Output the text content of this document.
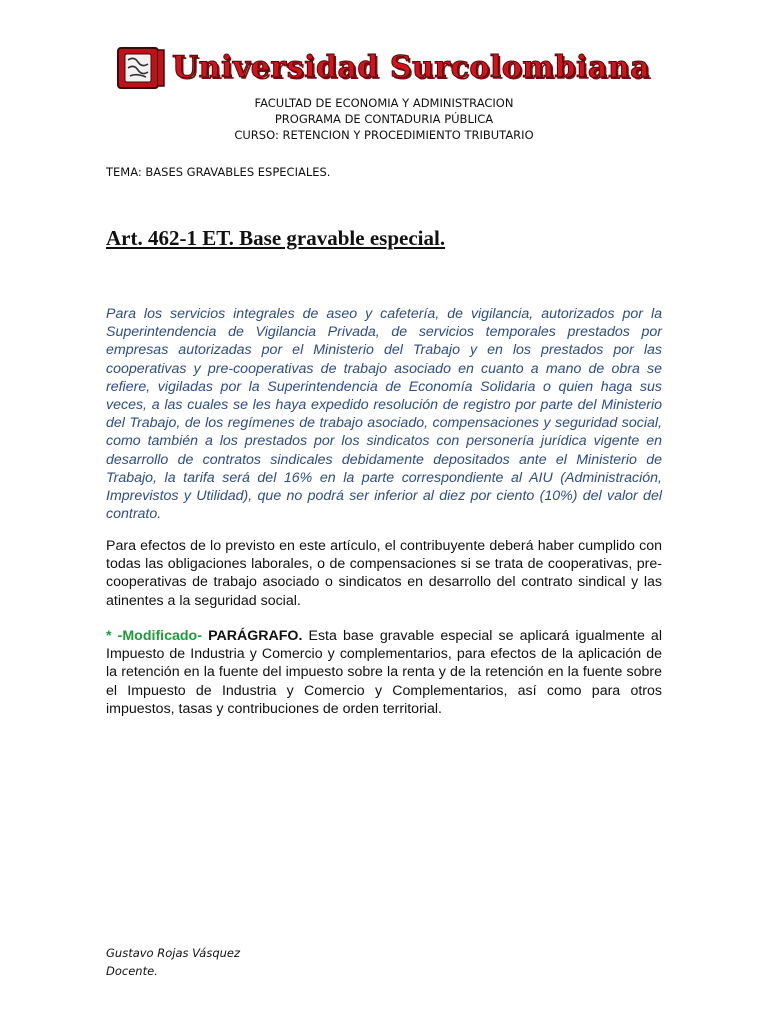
Universidad Surcolombiana
FACULTAD DE ECONOMIA Y ADMINISTRACION
PROGRAMA DE CONTADURIA PÚBLICA
CURSO: RETENCION Y PROCEDIMIENTO TRIBUTARIO
TEMA: BASES GRAVABLES ESPECIALES.
Art. 462-1 ET. Base gravable especial.

Para los servicios integrales de aseo y cafetería, de vigilancia, autorizados por la Superintendencia de Vigilancia Privada, de servicios temporales prestados por empresas autorizadas por el Ministerio del Trabajo y en los prestados por las cooperativas y pre-cooperativas de trabajo asociado en cuanto a mano de obra se refiere, vigiladas por la Superintendencia de Economía Solidaria o quien haga sus veces, a las cuales se les haya expedido resolución de registro por parte del Ministerio del Trabajo, de los regímenes de trabajo asociado, compensaciones y seguridad social, como también a los prestados por los sindicatos con personería jurídica vigente en desarrollo de contratos sindicales debidamente depositados ante el Ministerio de Trabajo, la tarifa será del 16% en la parte correspondiente al AIU (Administración, Imprevistos y Utilidad), que no podrá ser inferior al diez por ciento (10%) del valor del contrato.

Para efectos de lo previsto en este artículo, el contribuyente deberá haber cumplido con todas las obligaciones laborales, o de compensaciones si se trata de cooperativas, pre-cooperativas de trabajo asociado o sindicatos en desarrollo del contrato sindical y las atinentes a la seguridad social.

* -Modificado- PARÁGRAFO. Esta base gravable especial se aplicará igualmente al Impuesto de Industria y Comercio y complementarios, para efectos de la aplicación de la retención en la fuente del impuesto sobre la renta y de la retención en la fuente sobre el Impuesto de Industria y Comercio y Complementarios, así como para otros impuestos, tasas y contribuciones de orden territorial.

Gustavo Rojas Vásquez
Docente.
